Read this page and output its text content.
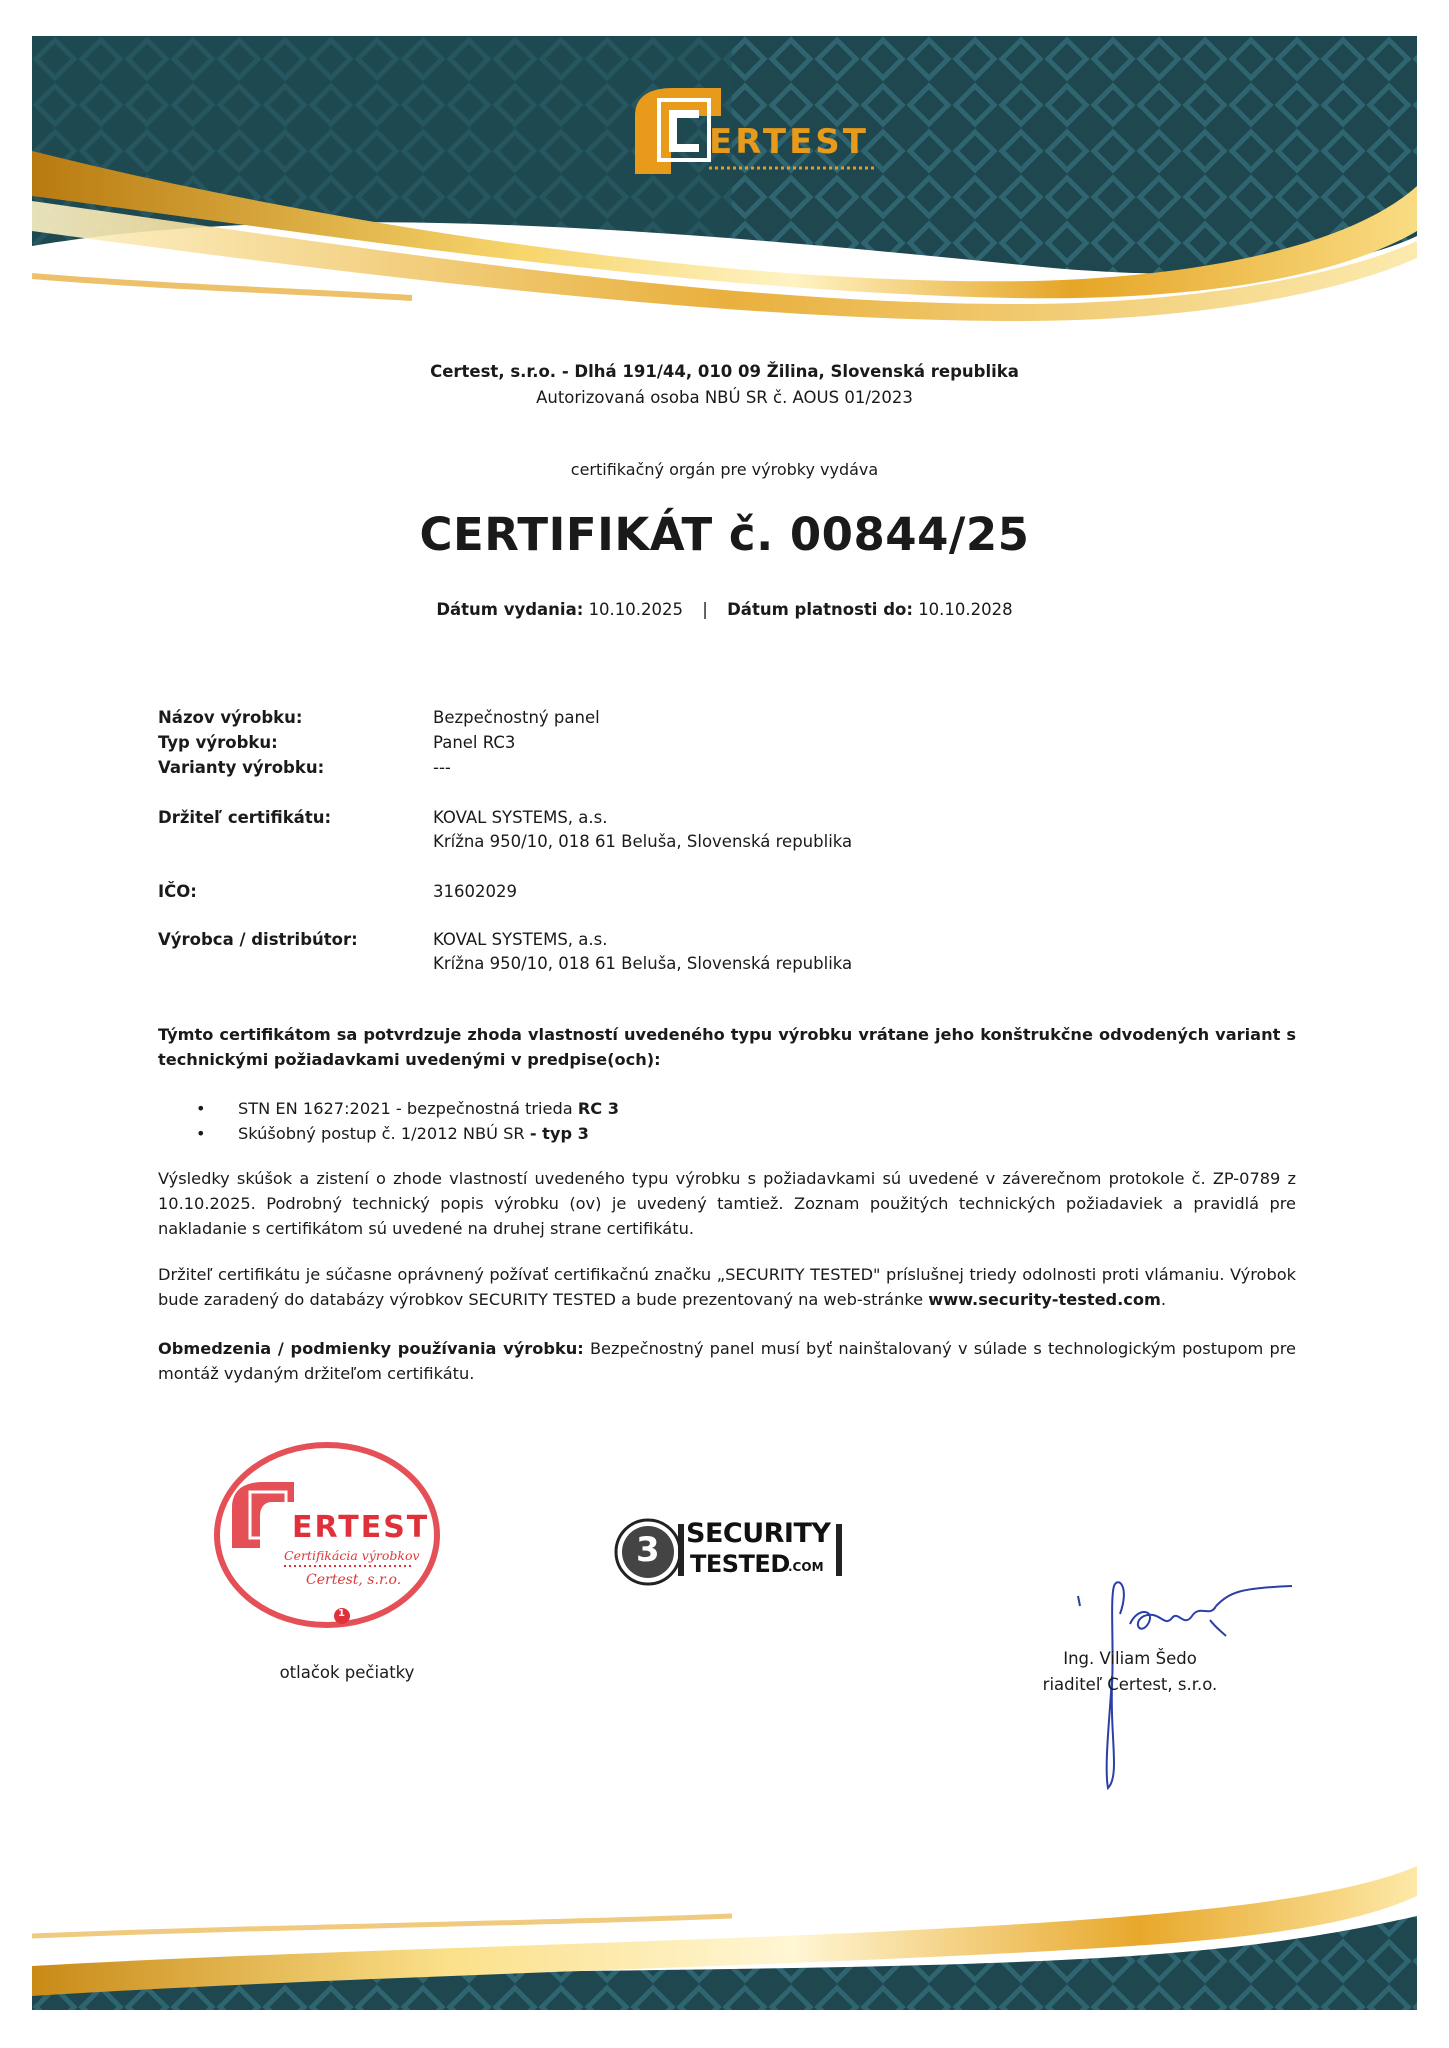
ERTEST
Certest, s.r.o. - Dlhá 191/44, 010 09 Žilina, Slovenská republika
Autorizovaná osoba NBÚ SR č. AOUS 01/2023
certifikačný orgán pre výrobky vydáva
CERTIFIKÁT č. 00844/25
Dátum vydania: 10.10.2025 | Dátum platnosti do: 10.10.2028
Názov výrobku:	Bezpečnostný panel
Typ výrobku:	Panel RC3
Varianty výrobku:	---
Držiteľ certifikátu:	KOVAL SYSTEMS, a.s.
Krížna 950/10, 018 61 Beluša, Slovenská republika
IČO:	31602029
Výrobca / distribútor:	KOVAL SYSTEMS, a.s.
Krížna 950/10, 018 61 Beluša, Slovenská republika
Týmto certifikátom sa potvrdzuje zhoda vlastností uvedeného typu výrobku vrátane jeho konštrukčne odvodených variant s technickými požiadavkami uvedenými v predpise(och):
• STN EN 1627:2021 - bezpečnostná trieda RC 3
• Skúšobný postup č. 1/2012 NBÚ SR - typ 3
Výsledky skúšok a zistení o zhode vlastností uvedeného typu výrobku s požiadavkami sú uvedené v záverečnom protokole č. ZP-0789 z 10.10.2025. Podrobný technický popis výrobku (ov) je uvedený tamtiež. Zoznam použitých technických požiadaviek a pravidlá pre nakladanie s certifikátom sú uvedené na druhej strane certifikátu.
Držiteľ certifikátu je súčasne oprávnený požívať certifikačnú značku „SECURITY TESTED" príslušnej triedy odolnosti proti vlámaniu. Výrobok bude zaradený do databázy výrobkov SECURITY TESTED a bude prezentovaný na web-stránke www.security-tested.com.
Obmedzenia / podmienky používania výrobku: Bezpečnostný panel musí byť nainštalovaný v súlade s technologickým postupom pre montáž vydaným držiteľom certifikátu.
ERTEST
Certifikácia výrobkov
Certest, s.r.o.
1
otlačok pečiatky
3 SECURITY
TESTED
.COM
Ing. Viliam Šedo
riaditeľ Certest, s.r.o.
